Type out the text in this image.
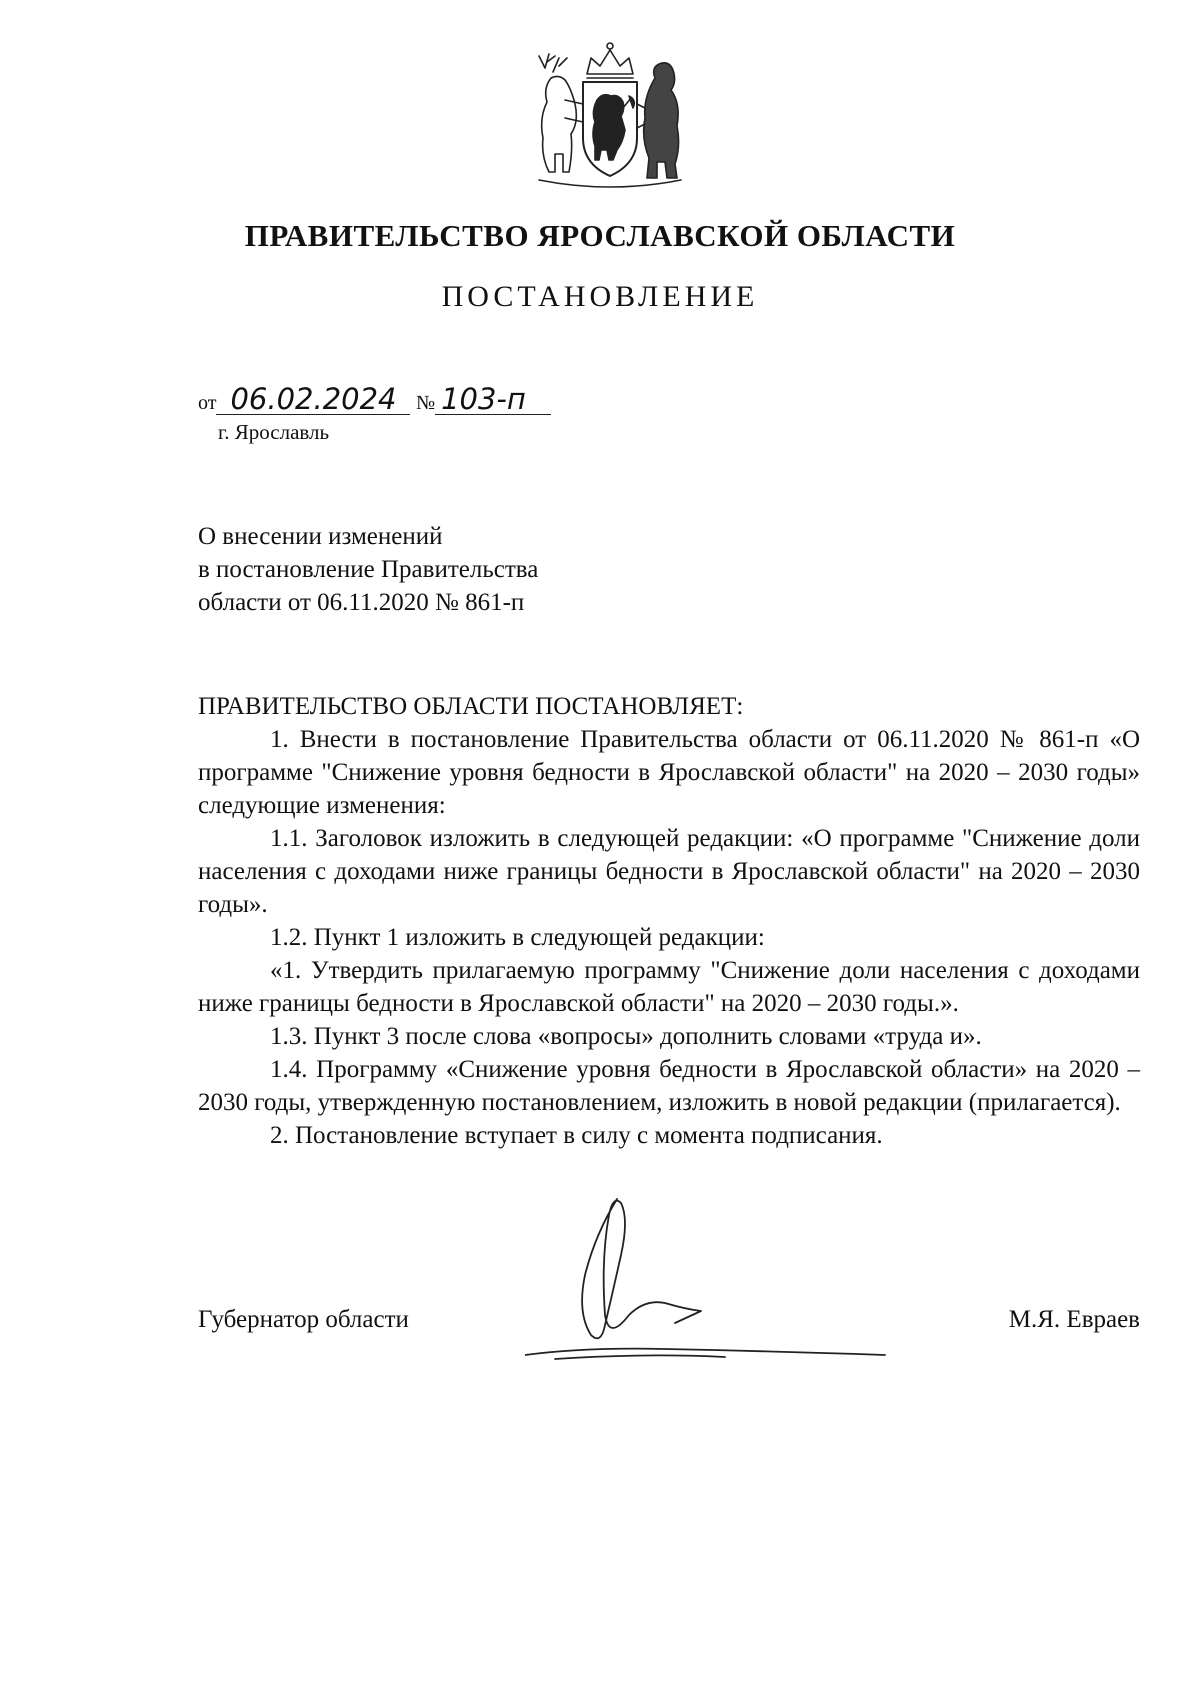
ПРАВИТЕЛЬСТВО ЯРОСЛАВСКОЙ ОБЛАСТИ
ПОСТАНОВЛЕНИЕ
от 06.02.2024 № 103-п
г. Ярославль
О внесении изменений
в постановление Правительства
области от 06.11.2020 № 861-п

ПРАВИТЕЛЬСТВО ОБЛАСТИ ПОСТАНОВЛЯЕТ:

1. Внести в постановление Правительства области от 06.11.2020 № 861-п «О программе "Снижение уровня бедности в Ярославской области" на 2020 – 2030 годы» следующие изменения:

1.1. Заголовок изложить в следующей редакции: «О программе "Снижение доли населения с доходами ниже границы бедности в Ярославской области" на 2020 – 2030 годы».

1.2. Пункт 1 изложить в следующей редакции:

«1. Утвердить прилагаемую программу "Снижение доли населения с доходами ниже границы бедности в Ярославской области" на 2020 – 2030 годы.».

1.3. Пункт 3 после слова «вопросы» дополнить словами «труда и».

1.4. Программу «Снижение уровня бедности в Ярославской области» на 2020 – 2030 годы, утвержденную постановлением, изложить в новой редакции (прилагается).

2. Постановление вступает в силу с момента подписания.

Губернатор области	М.Я. Евраев
